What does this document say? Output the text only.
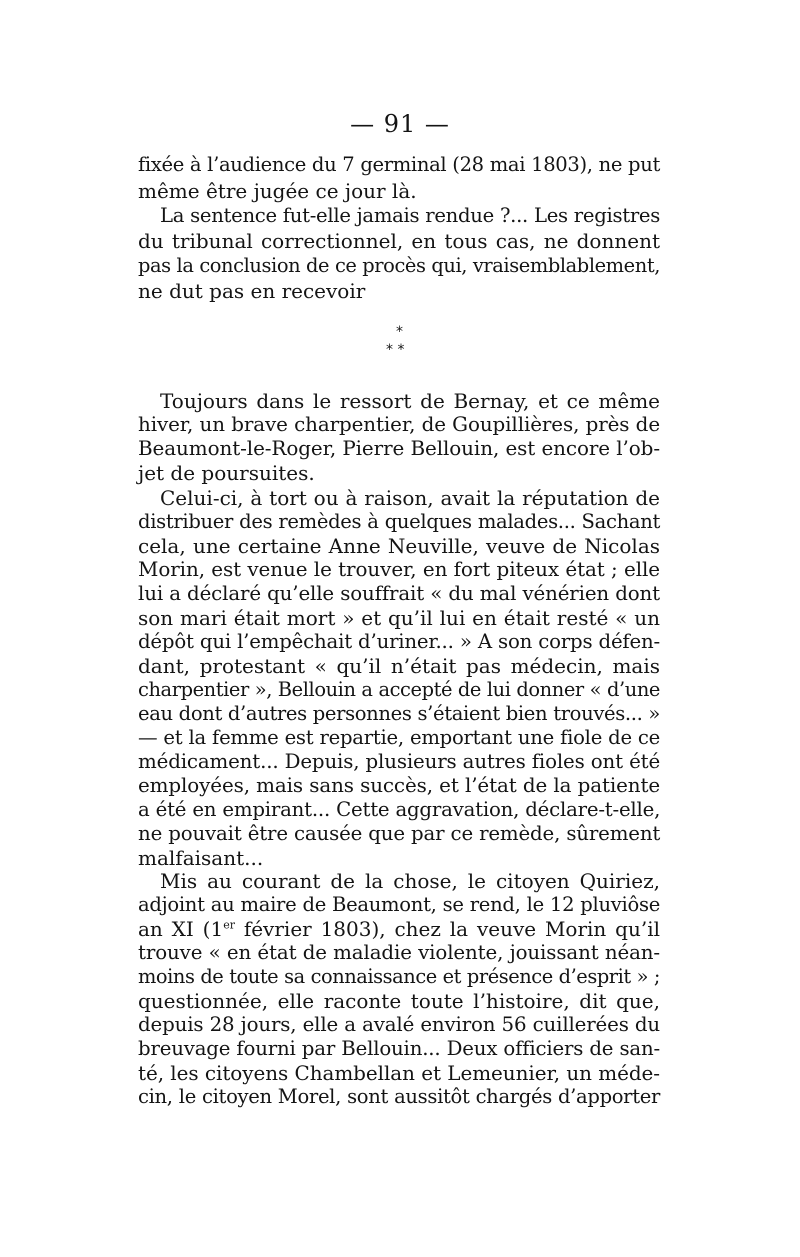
— 91 —
fixée à l’audience du 7 germinal (28 mai 1803), ne put
même être jugée ce jour là.
La sentence fut-elle jamais rendue ?... Les registres
du tribunal correctionnel, en tous cas, ne donnent
pas la conclusion de ce procès qui, vraisemblablement,
ne dut pas en recevoir
*
* *
Toujours dans le ressort de Bernay, et ce même
hiver, un brave charpentier, de Goupillières, près de
Beaumont-le-Roger, Pierre Bellouin, est encore l’ob-
jet de poursuites.
Celui-ci, à tort ou à raison, avait la réputation de
distribuer des remèdes à quelques malades... Sachant
cela, une certaine Anne Neuville, veuve de Nicolas
Morin, est venue le trouver, en fort piteux état ; elle
lui a déclaré qu’elle souffrait « du mal vénérien dont
son mari était mort » et qu’il lui en était resté « un
dépôt qui l’empêchait d’uriner... » A son corps défen-
dant, protestant « qu’il n’était pas médecin, mais
charpentier », Bellouin a accepté de lui donner « d’une
eau dont d’autres personnes s’étaient bien trouvés... »
— et la femme est repartie, emportant une fiole de ce
médicament... Depuis, plusieurs autres fioles ont été
employées, mais sans succès, et l’état de la patiente
a été en empirant... Cette aggravation, déclare-t-elle,
ne pouvait être causée que par ce remède, sûrement
malfaisant...
Mis au courant de la chose, le citoyen Quiriez,
adjoint au maire de Beaumont, se rend, le 12 pluviôse
an XI (1er février 1803), chez la veuve Morin qu’il
trouve « en état de maladie violente, jouissant néan-
moins de toute sa connaissance et présence d’esprit » ;
questionnée, elle raconte toute l’histoire, dit que,
depuis 28 jours, elle a avalé environ 56 cuillerées du
breuvage fourni par Bellouin... Deux officiers de san-
té, les citoyens Chambellan et Lemeunier, un méde-
cin, le citoyen Morel, sont aussitôt chargés d’apporter
